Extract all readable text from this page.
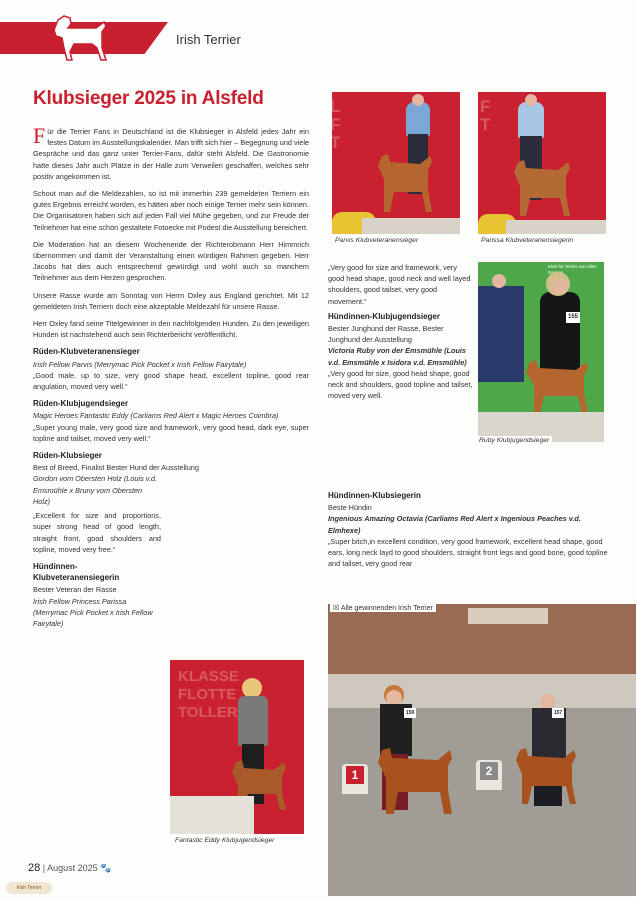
Irish Terrier
Klubsieger 2025 in Alsfeld

Für die Terrier Fans in Deutschland ist die Klubsieger in Alsfeld jedes Jahr ein festes Datum im Ausstellungskalender. Man trifft sich hier – Begegnung und viele Gespräche und das ganz unter Terrier-Fans, dafür steht Alsfeld. Die Gastronomie hatte dieses Jahr auch Plätze in der Halle zum Verweilen geschaffen, welches sehr positiv angekommen ist.

Schout man auf die Meldezahlen, so ist mit immerhin 239 gemeldeten Terriern ein gutes Ergebnis erreicht worden, es hätten aber noch einige Terrier mehr sein können. Die Organisatoren haben sich auf jeden Fall viel Mühe gegeben, und zur Freude der Teilnehmer hat eine schön gestaltete Fotoecke mit Podest die Ausstellung bereichert.

Die Moderation hat an diesem Wochenende der Richterobmann Herr Himmrich übernommen und damit der Veranstaltung einen würdigen Rahmen gegeben. Herr Jacobs hat dies auch entsprechend gewürdigt und wohl auch so manchem Teilnehmer aus dem Herzen gesprochen.

Unsere Rasse wurde am Sonntag von Herrn Oxley aus England gerichtet. Mit 12 gemeldeten Irish Terriern doch eine akzeptable Meldezahl für unsere Rasse.

Herr Oxley fand seine Titelgewinner in den nachfolgenden Hunden. Zu den jeweiligen Hunden ist nachstehend auch sein Richterbericht veröffentlicht.

Rüden-Klubveteranensieger
Irish Fellow Parvis (Merrymac Pick Pocket x Irish Fellow Fairytale)

„Good male, up to size, very good shape head, excellent topline, good rear angulation, moved very well.“

Rüden-Klubjugendsieger
Magic Heroes Fantastic Eddy (Carliams Red Alert x Magic Heroes Coimbra)

„Super young male, very good size and framework, very good head, dark eye, super topline and tailset, moved very well.“

Rüden-Klubsieger
Best of Breed, Finalist Bester Hund der Ausstellung
Gordon vom Obersten Holz (Louis v.d. Emsmühle x Bruny vom Obersten Holz)

„Excellent for size and proportions, super strong head of good length, straight front, good shoulders and topline, moved very free.“

Hündinnen-Klubveteranensiegerin
Bester Veteran der Rasse
Irish Fellow Princess Parissa (Merrymac Pick Pocket x Irish Fellow Fairytale)
L
F
T
Parvis Klubveteranensieger
F
T
Parissa Klubveteranensiegerin
Klub für Terrier von allen Rassen
155
Ruby Klubjugendsieger

„Very good for size and framework, very good head shape, good neck and well layed shoulders, good tailset, very good movement.“

Hündinnen-Klubjugendsieger
Bester Junghund der Rasse, Bester Junghund der Ausstellung
Victoria Ruby von der Emsmühle (Louis v.d. Emsmühle x Isidora v.d. Emsmühle)

„Very good for size, good head shape, good neck and shoulders, good topline and tailset, moved very well.

Hündinnen-Klubsiegerin
Beste Hündin
Ingenious Amazing Octavia (Carliams Red Alert x Ingenious Peaches v.d. Elmhexe)

„Super bitch,in excellent condition, very good framework, excellent head shape, good ears, long neck layd to good shoulders, straight front legs and good bone, good topline and tailset, very good rear

KLASSE
FLOTTE
TOLLER
Fantastic Eddy Klubjugendsieger
159	157
1	2
☒ Alle gewinnenden Irish Terrier
28 | August 2025 🐾
Irish Terrier
